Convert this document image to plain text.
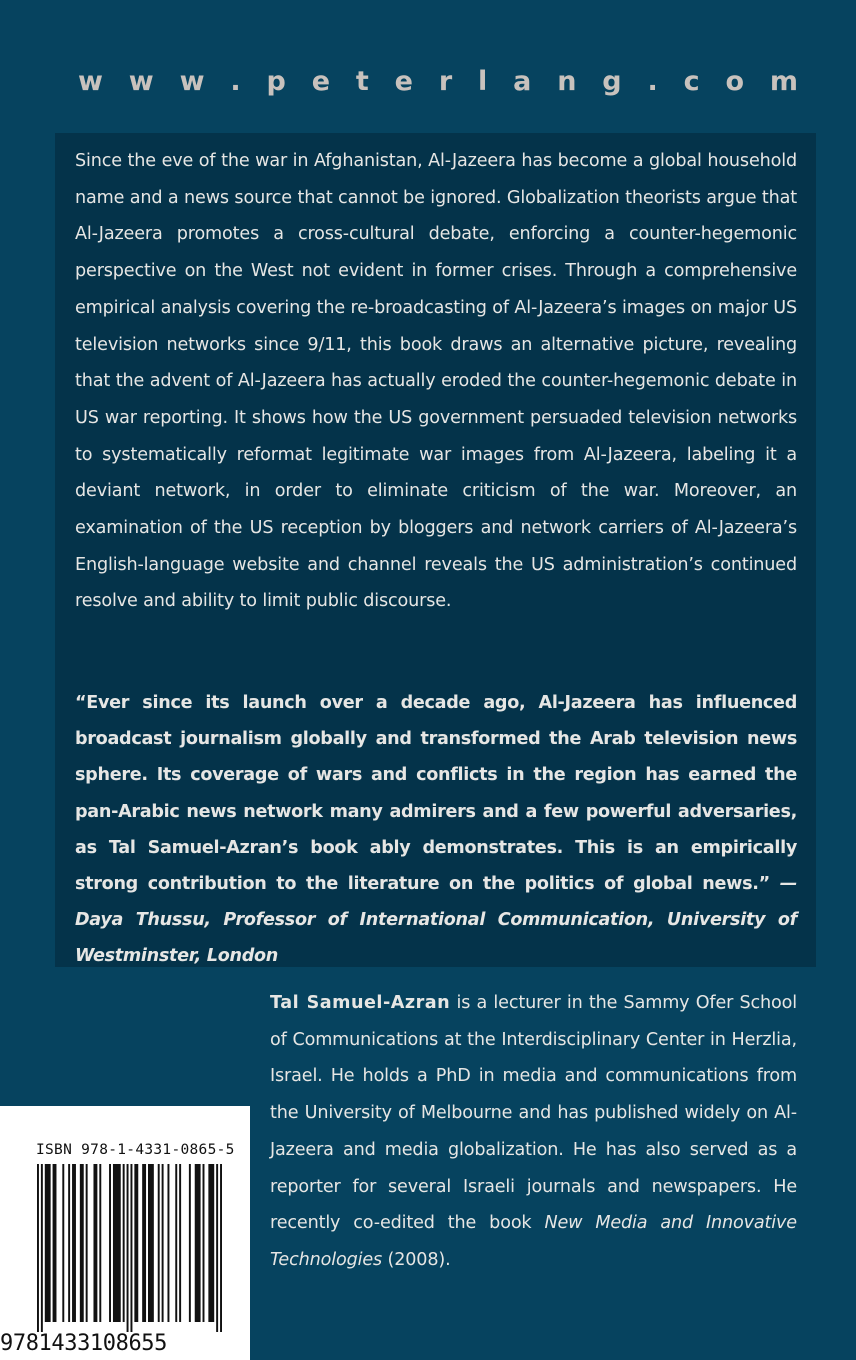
w w w . p e t e r l a n g . c o m

Since the eve of the war in Afghanistan, Al-Jazeera has become a global household name and a news source that cannot be ignored. Globalization theorists argue that Al-Jazeera promotes a cross-cultural debate, enforcing a counter-hegemonic perspective on the West not evident in former crises. Through a comprehensive empirical analysis covering the re-broadcasting of Al-Jazeera’s images on major US television networks since 9/11, this book draws an alternative picture, revealing that the advent of Al-Jazeera has actually eroded the counter-hegemonic debate in US war reporting. It shows how the US government persuaded television networks to systematically reformat legitimate war images from Al-Jazeera, labeling it a deviant network, in order to eliminate criticism of the war. Moreover, an examination of the US reception by bloggers and network carriers of Al-Jazeera’s English-language website and channel reveals the US administration’s continued resolve and ability to limit public discourse.

“Ever since its launch over a decade ago, Al-Jazeera has influenced broadcast journalism globally and transformed the Arab television news sphere. Its coverage of wars and conflicts in the region has earned the pan-Arabic news network many admirers and a few powerful adversaries, as Tal Samuel-Azran’s book ably demonstrates. This is an empirically strong contribution to the literature on the politics of global news.” —Daya Thussu, Professor of International Communication, University of Westminster, London

Tal Samuel-Azran is a lecturer in the Sammy Ofer School of Communications at the Interdisciplinary Center in Herzlia, Israel. He holds a PhD in media and communications from the University of Melbourne and has published widely on Al-Jazeera and media globalization. He has also served as a reporter for several Israeli journals and newspapers. He recently co-edited the book New Media and Innovative Technologies (2008).

ISBN 978-1-4331-0865-5
9781433108655
